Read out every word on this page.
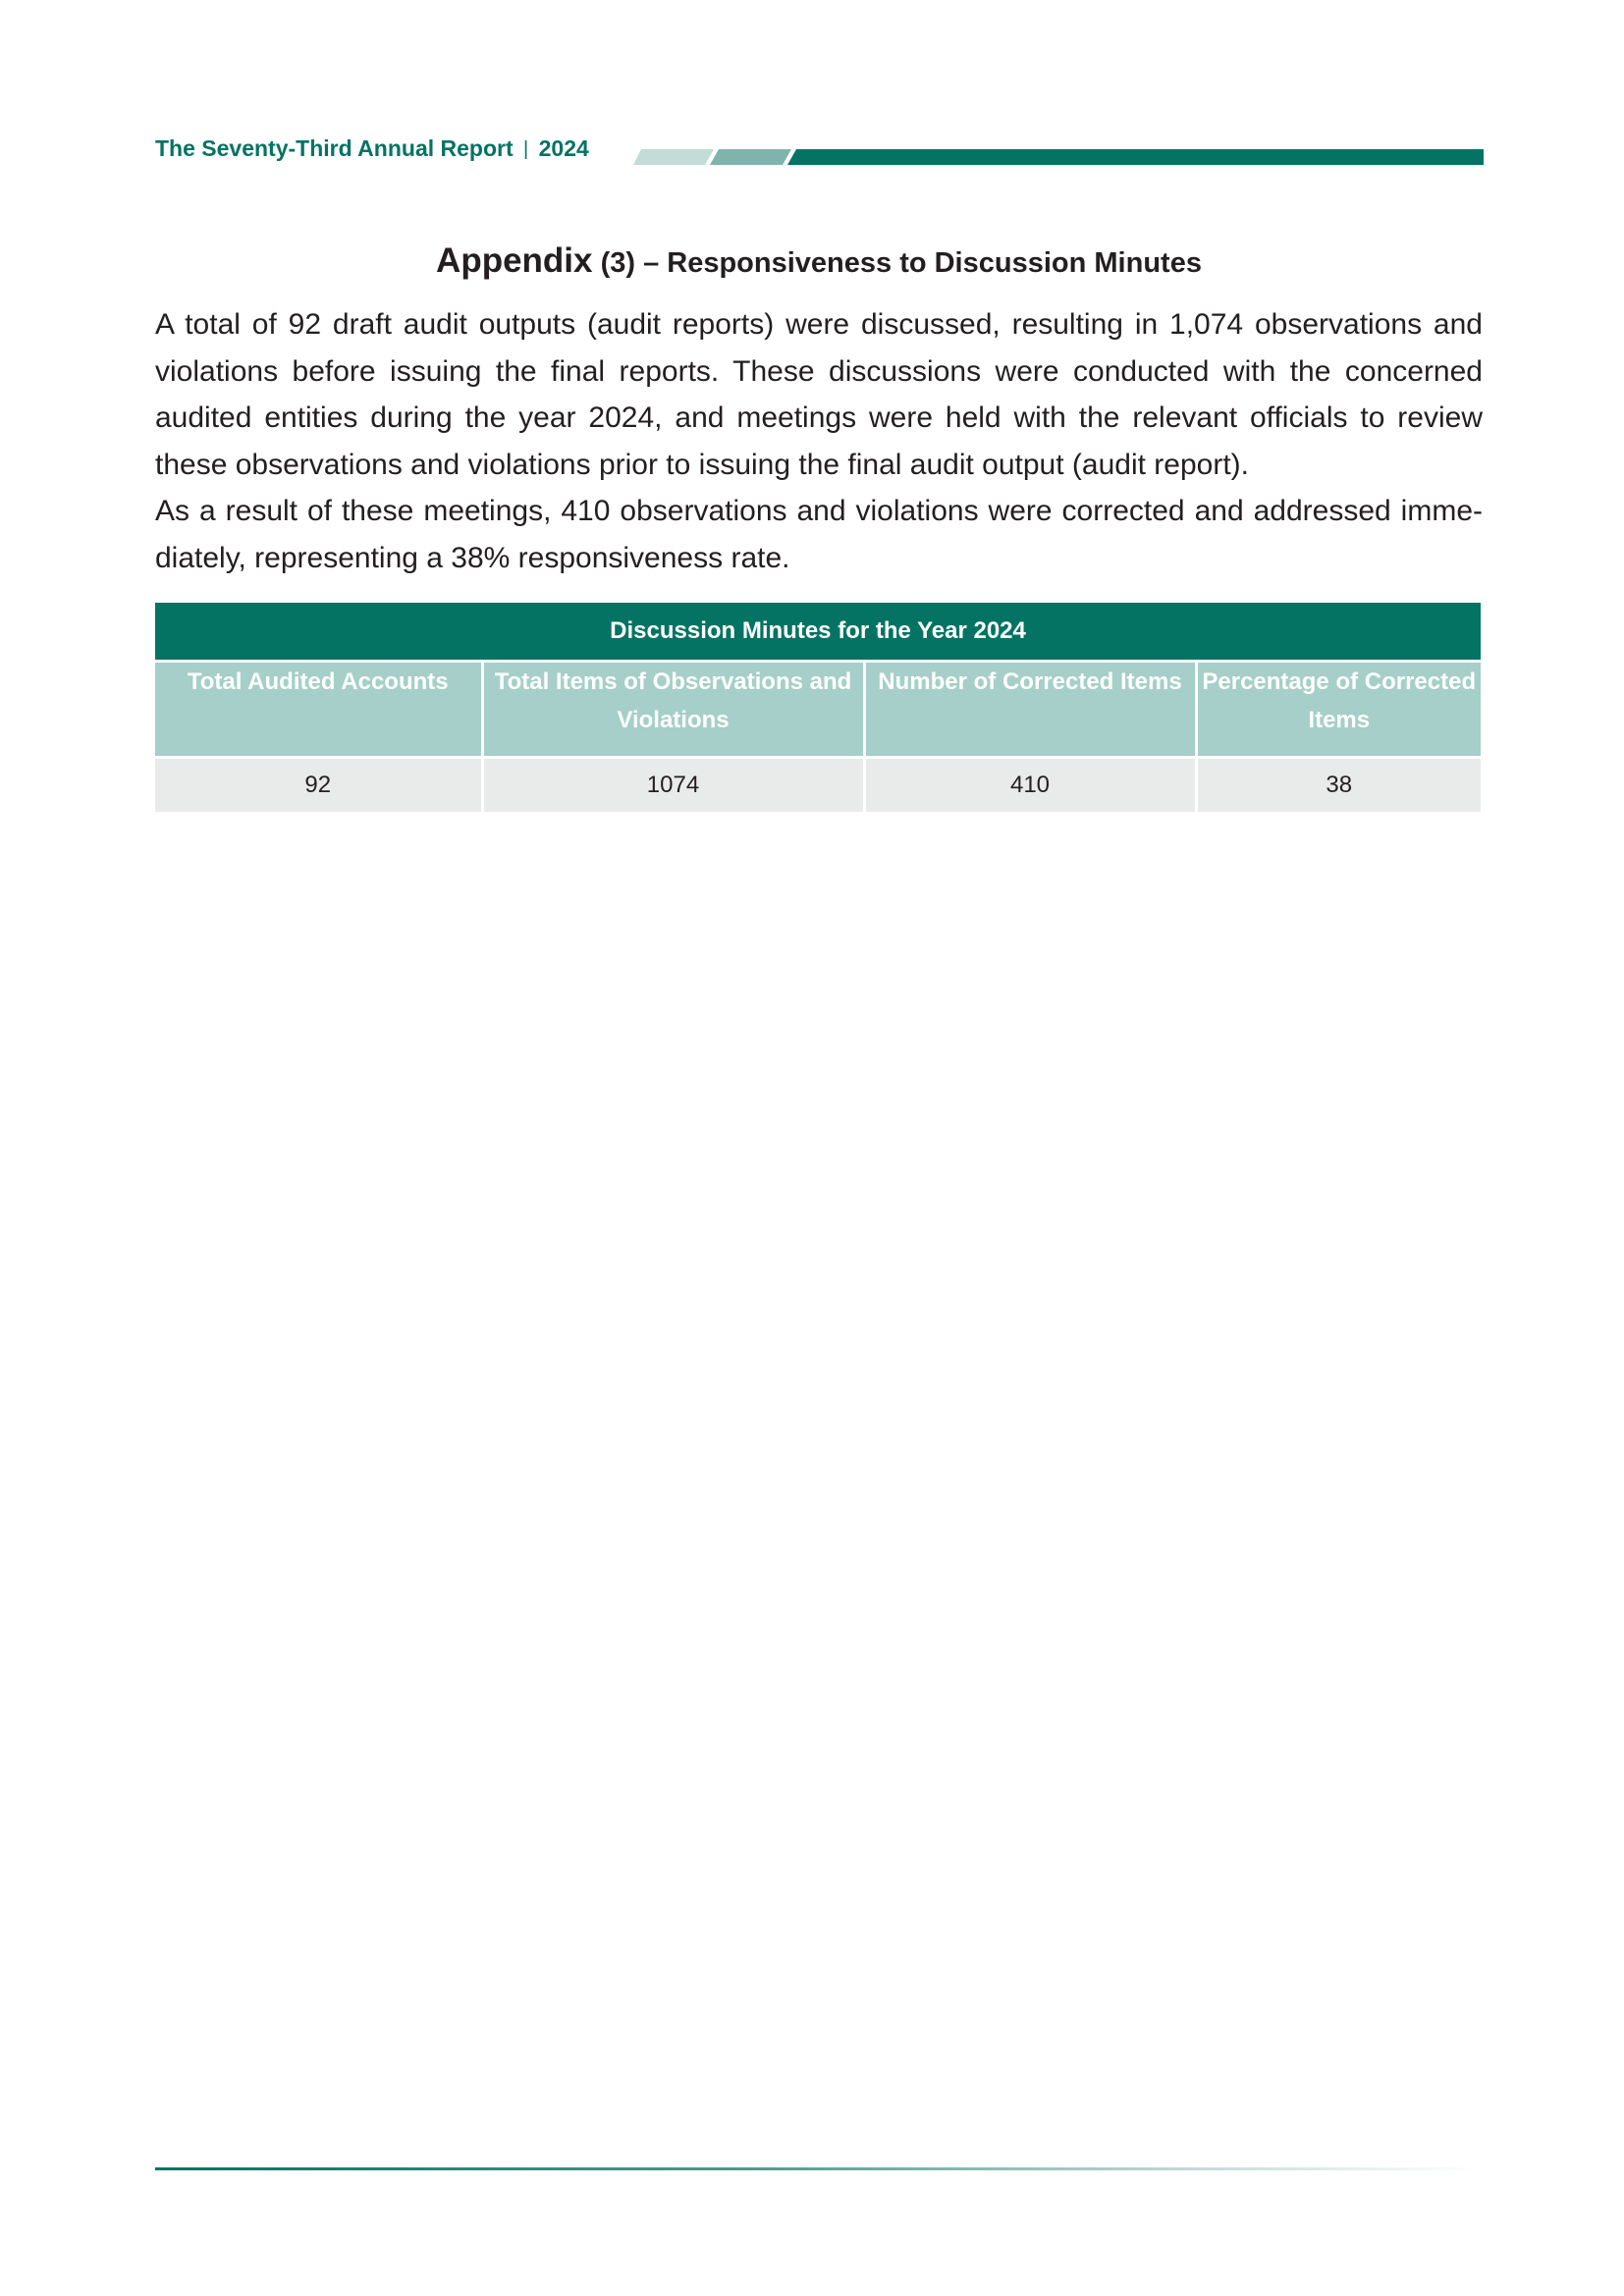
The Seventy-Third Annual Report | 2024
Appendix (3) – Responsiveness to Discussion Minutes

A total of 92 draft audit outputs (audit reports) were discussed, resulting in 1,074 observations and violations before issuing the final reports. These discussions were conducted with the concerned audited entities during the year 2024, and meetings were held with the relevant officials to review these observations and violations prior to issuing the final audit output (audit report).

As a result of these meetings, 410 observations and violations were corrected and addressed imme-diately, representing a 38% responsiveness rate.

Discussion Minutes for the Year 2024			
Total Audited Accounts	Total Items of Observations and Violations	Number of Corrected Items	Percentage of Corrected Items
92	1074	410	38
